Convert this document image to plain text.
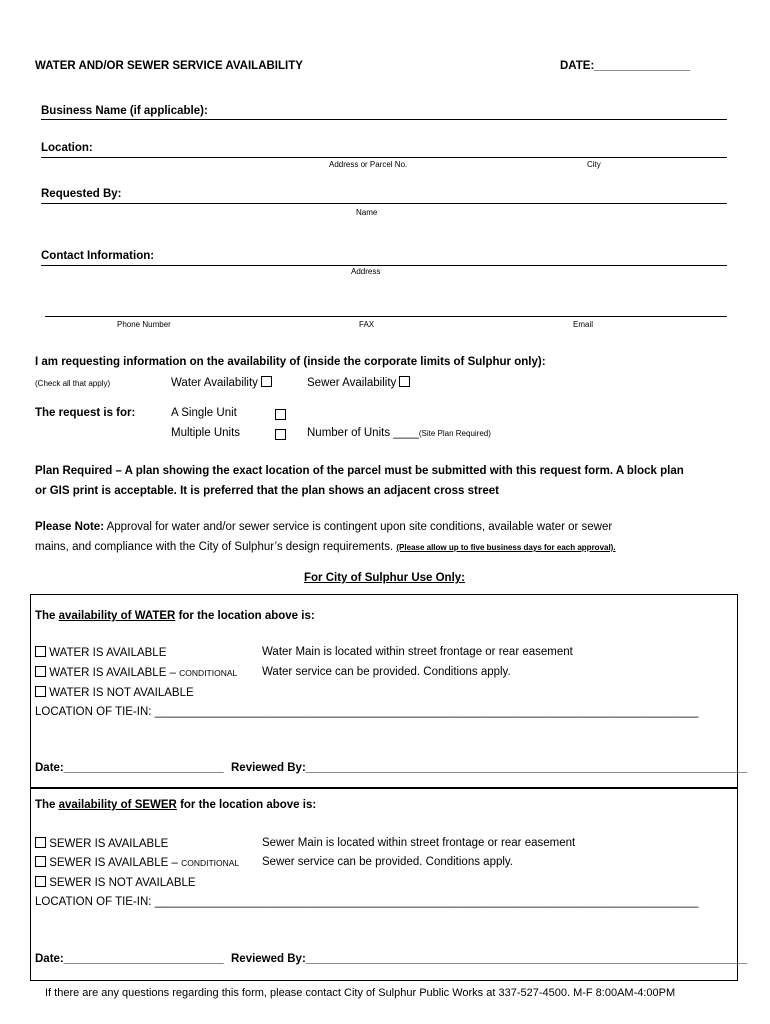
WATER AND/OR SEWER SERVICE AVAILABILITY	DATE:_______________
Business Name (if applicable):
Location:
Address or Parcel No.	City
Requested By:
Name
Contact Information:
Address
Phone Number	FAX	Email
I am requesting information on the availability of (inside the corporate limits of Sulphur only):
(Check all that apply)	Water Availability	Sewer Availability
The request is for:	A Single Unit
Multiple Units	Number of Units ____(Site Plan Required)
Plan Required – A plan showing the exact location of the parcel must be submitted with this request form. A block plan
or GIS print is acceptable. It is preferred that the plan shows an adjacent cross street
Please Note: Approval for water and/or sewer service is contingent upon site conditions, available water or sewer
mains, and compliance with the City of Sulphur’s design requirements. (Please allow up to five business days for each approval).
For City of Sulphur Use Only:
The availability of WATER for the location above is:
WATER IS AVAILABLE	Water Main is located within street frontage or rear easement
WATER IS AVAILABLE – CONDITIONAL Water service can be provided. Conditions apply.
WATER IS NOT AVAILABLE
LOCATION OF TIE-IN: _____________________________________________________________________________________
Date:_________________________ Reviewed By:_____________________________________________________________________
The availability of SEWER for the location above is:
SEWER IS AVAILABLE	Sewer Main is located within street frontage or rear easement
SEWER IS AVAILABLE – CONDITIONAL Sewer service can be provided. Conditions apply.
SEWER IS NOT AVAILABLE
LOCATION OF TIE-IN: _____________________________________________________________________________________
Date:_________________________ Reviewed By:_____________________________________________________________________
If there are any questions regarding this form, please contact City of Sulphur Public Works at 337-527-4500. M-F 8:00AM-4:00PM
